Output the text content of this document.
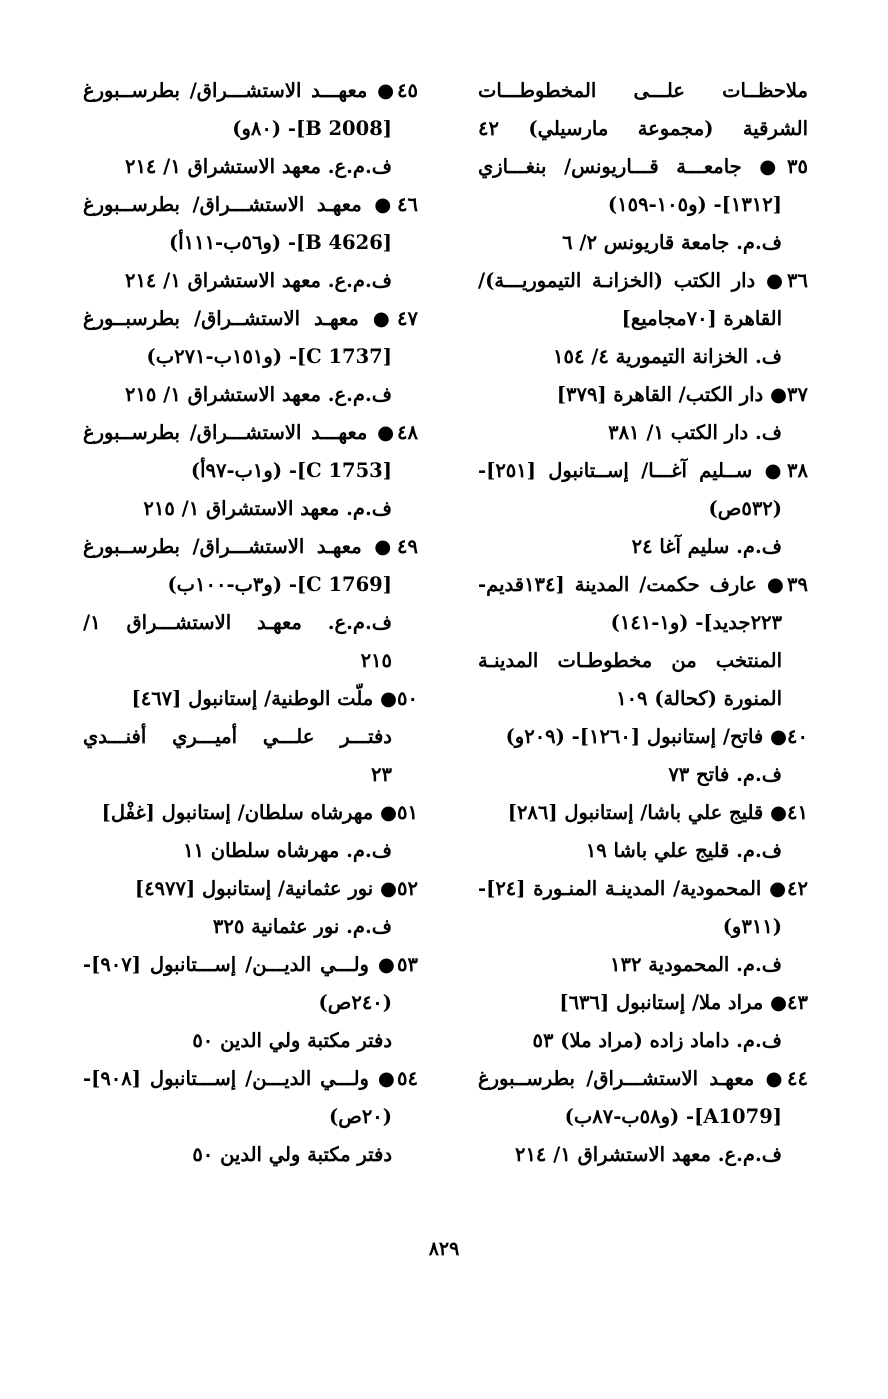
ملاحظــات علـــى المخطوطـــات
الشرقية (مجموعة مارسيلي) ٤٢
٣٥● جامعـــة قـــاريونس/ بنغـــازي
[١٣١٢]- (و١٠٥-١٥٩)
ف.م. جامعة قاريونس ٢/ ٦
٣٦● دار الكتب (الخزانـة التيموريـــة)/
القاهرة [٧٠مجاميع]
ف. الخزانة التيمورية ٤/ ١٥٤
٣٧● دار الكتب/ القاهرة [٣٧٩]
ف. دار الكتب ١/ ٣٨١
٣٨● ســليم آغـــا/ إســتانبول [٢٥١]-
(٥٣٢ص)
ف.م. سليم آغا ٢٤
٣٩● عارف حكمت/ المدينة [١٣٤قديم-
٢٢٣جديد]- (و١-١٤١)
المنتخب من مخطوطـات المدينـة
المنورة (كحالة) ١٠٩
٤٠● فاتح/ إستانبول [١٢٦٠]- (٢٠٩و)
ف.م. فاتح ٧٣
٤١● قليج علي باشا/ إستانبول [٢٨٦]
ف.م. قليج علي باشا ١٩
٤٢● المحمودية/ المدينـة المنـورة [٢٤]-
(٣١١و)
ف.م. المحمودية ١٣٢
٤٣● مراد ملا/ إستانبول [٦٣٦]
ف.م. داماد زاده (مراد ملا) ٥٣
٤٤● معهـد الاستشـــراق/ بطرســبورغ
[A1079]- (و٥٨ب-٨٧ب)
ف.م.ع. معهد الاستشراق ١/ ٢١٤
٤٥● معهـــد الاستشـــراق/ بطرســبورغ
[B 2008]- (٨٠و)
ف.م.ع. معهد الاستشراق ١/ ٢١٤
٤٦● معهـد الاستشـــراق/ بطرســبورغ
[B 4626]- (و٥٦ب-١١١أ)
ف.م.ع. معهد الاستشراق ١/ ٢١٤
٤٧● معهـد الاستشــراق/ بطرسبــورغ
[C 1737]- (و١٥١ب-٢٧١ب)
ف.م.ع. معهد الاستشراق ١/ ٢١٥
٤٨● معهـــد الاستشـــراق/ بطرســبورغ
[C 1753]- (و١ب-٩٧أ)
ف.م. معهد الاستشراق ١/ ٢١٥
٤٩● معهـد الاستشـــراق/ بطرســبورغ
[C 1769]- (و٣ب-١٠٠ب)
ف.م.ع. معهـد الاستشـــراق ١/
٢١٥
٥٠● ملّت الوطنية/ إستانبول [٤٦٧]
دفتـــر علـــي أميـــري أفنـــدي
٢٣
٥١● مهرشاه سلطان/ إستانبول [غفْل]
ف.م. مهرشاه سلطان ١١
٥٢● نور عثمانية/ إستانبول [٤٩٧٧]
ف.م. نور عثمانية ٣٢٥
٥٣● ولـــي الديـــن/ إســـتانبول [٩٠٧]-
(٢٤٠ص)
دفتر مكتبة ولي الدين ٥٠
٥٤● ولـــي الديـــن/ إســـتانبول [٩٠٨]-
(٢٠ص)
دفتر مكتبة ولي الدين ٥٠
٨٢٩
